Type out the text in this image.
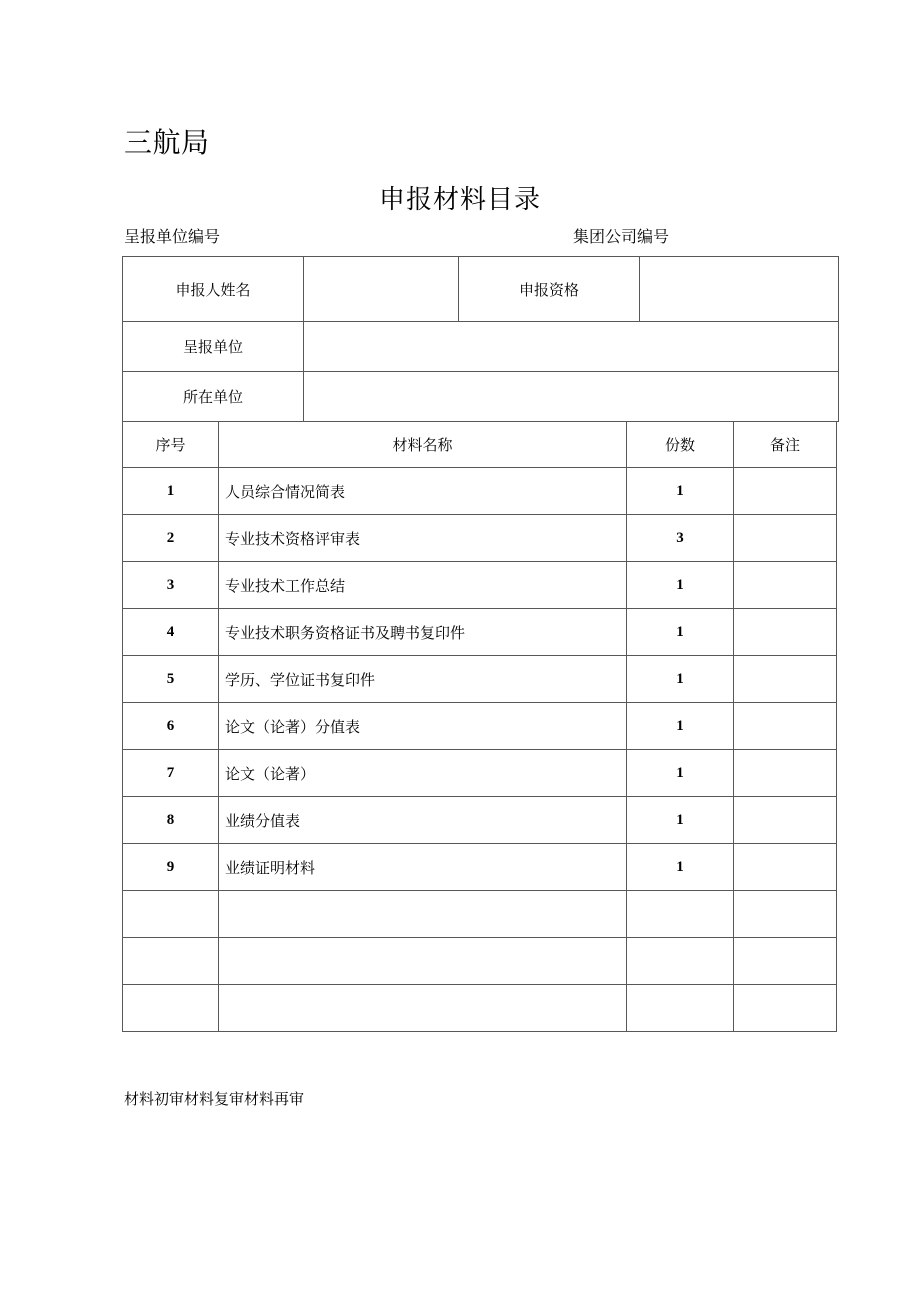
三航局
申报材料目录
呈报单位编号	集团公司编号
申报人姓名		申报资格	
呈报单位			
所在单位			
序号	材料名称	份数	备注
1	人员综合情况简表	1	
2	专业技术资格评审表	3	
3	专业技术工作总结	1	
4	专业技术职务资格证书及聘书复印件	1	
5	学历、学位证书复印件	1	
6	论文（论著）分值表	1	
7	论文（论著）	1	
8	业绩分值表	1	
9	业绩证明材料	1	

材料初审材料复审材料再审
